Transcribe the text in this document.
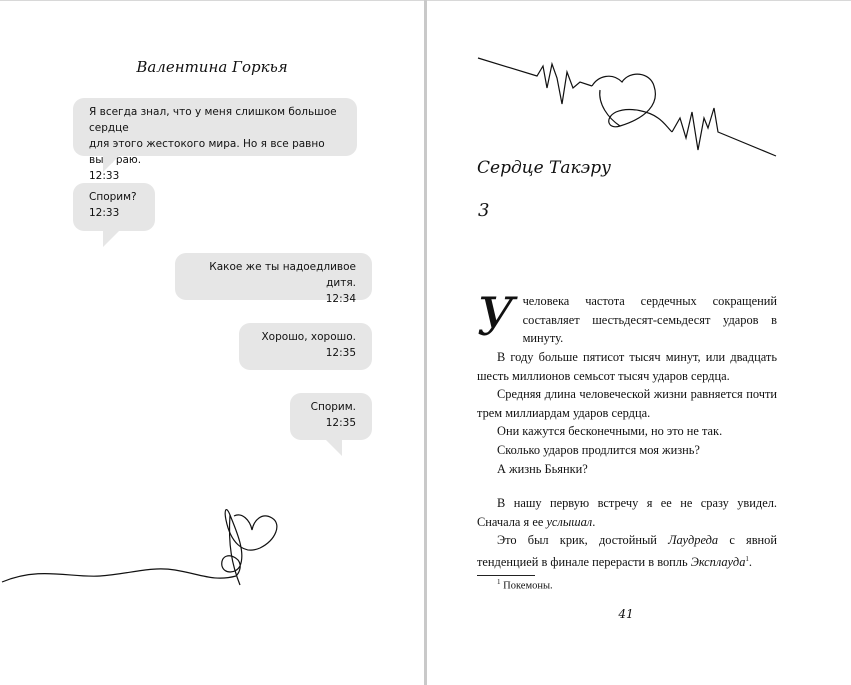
Валентина Горкья
Я всегда знал, что у меня слишком большое сердце
для этого жестокого мира. Но я все равно выиграю.
12:33
Спорим?
12:33
Какое же ты надоедливое дитя.
12:34
Хорошо, хорошо.
12:35
Спорим.
12:35
Сердце Такэру
3
У человека частота сердечных сокращений составляет шестьдесят-семьдесят ударов в минуту.

В году больше пятисот тысяч минут, или двадцать шесть миллионов семьсот тысяч ударов сердца.

Средняя длина человеческой жизни равняется почти трем миллиардам ударов сердца.

Они кажутся бесконечными, но это не так.

Сколько ударов продлится моя жизнь?

А жизнь Бьянки?

В нашу первую встречу я ее не сразу увидел. Сначала я ее услышал.

Это был крик, достойный Лаудреда с явной тенденцией в финале перерасти в вопль Эксплауда$^1$.

$^1$ Покемоны.
41
